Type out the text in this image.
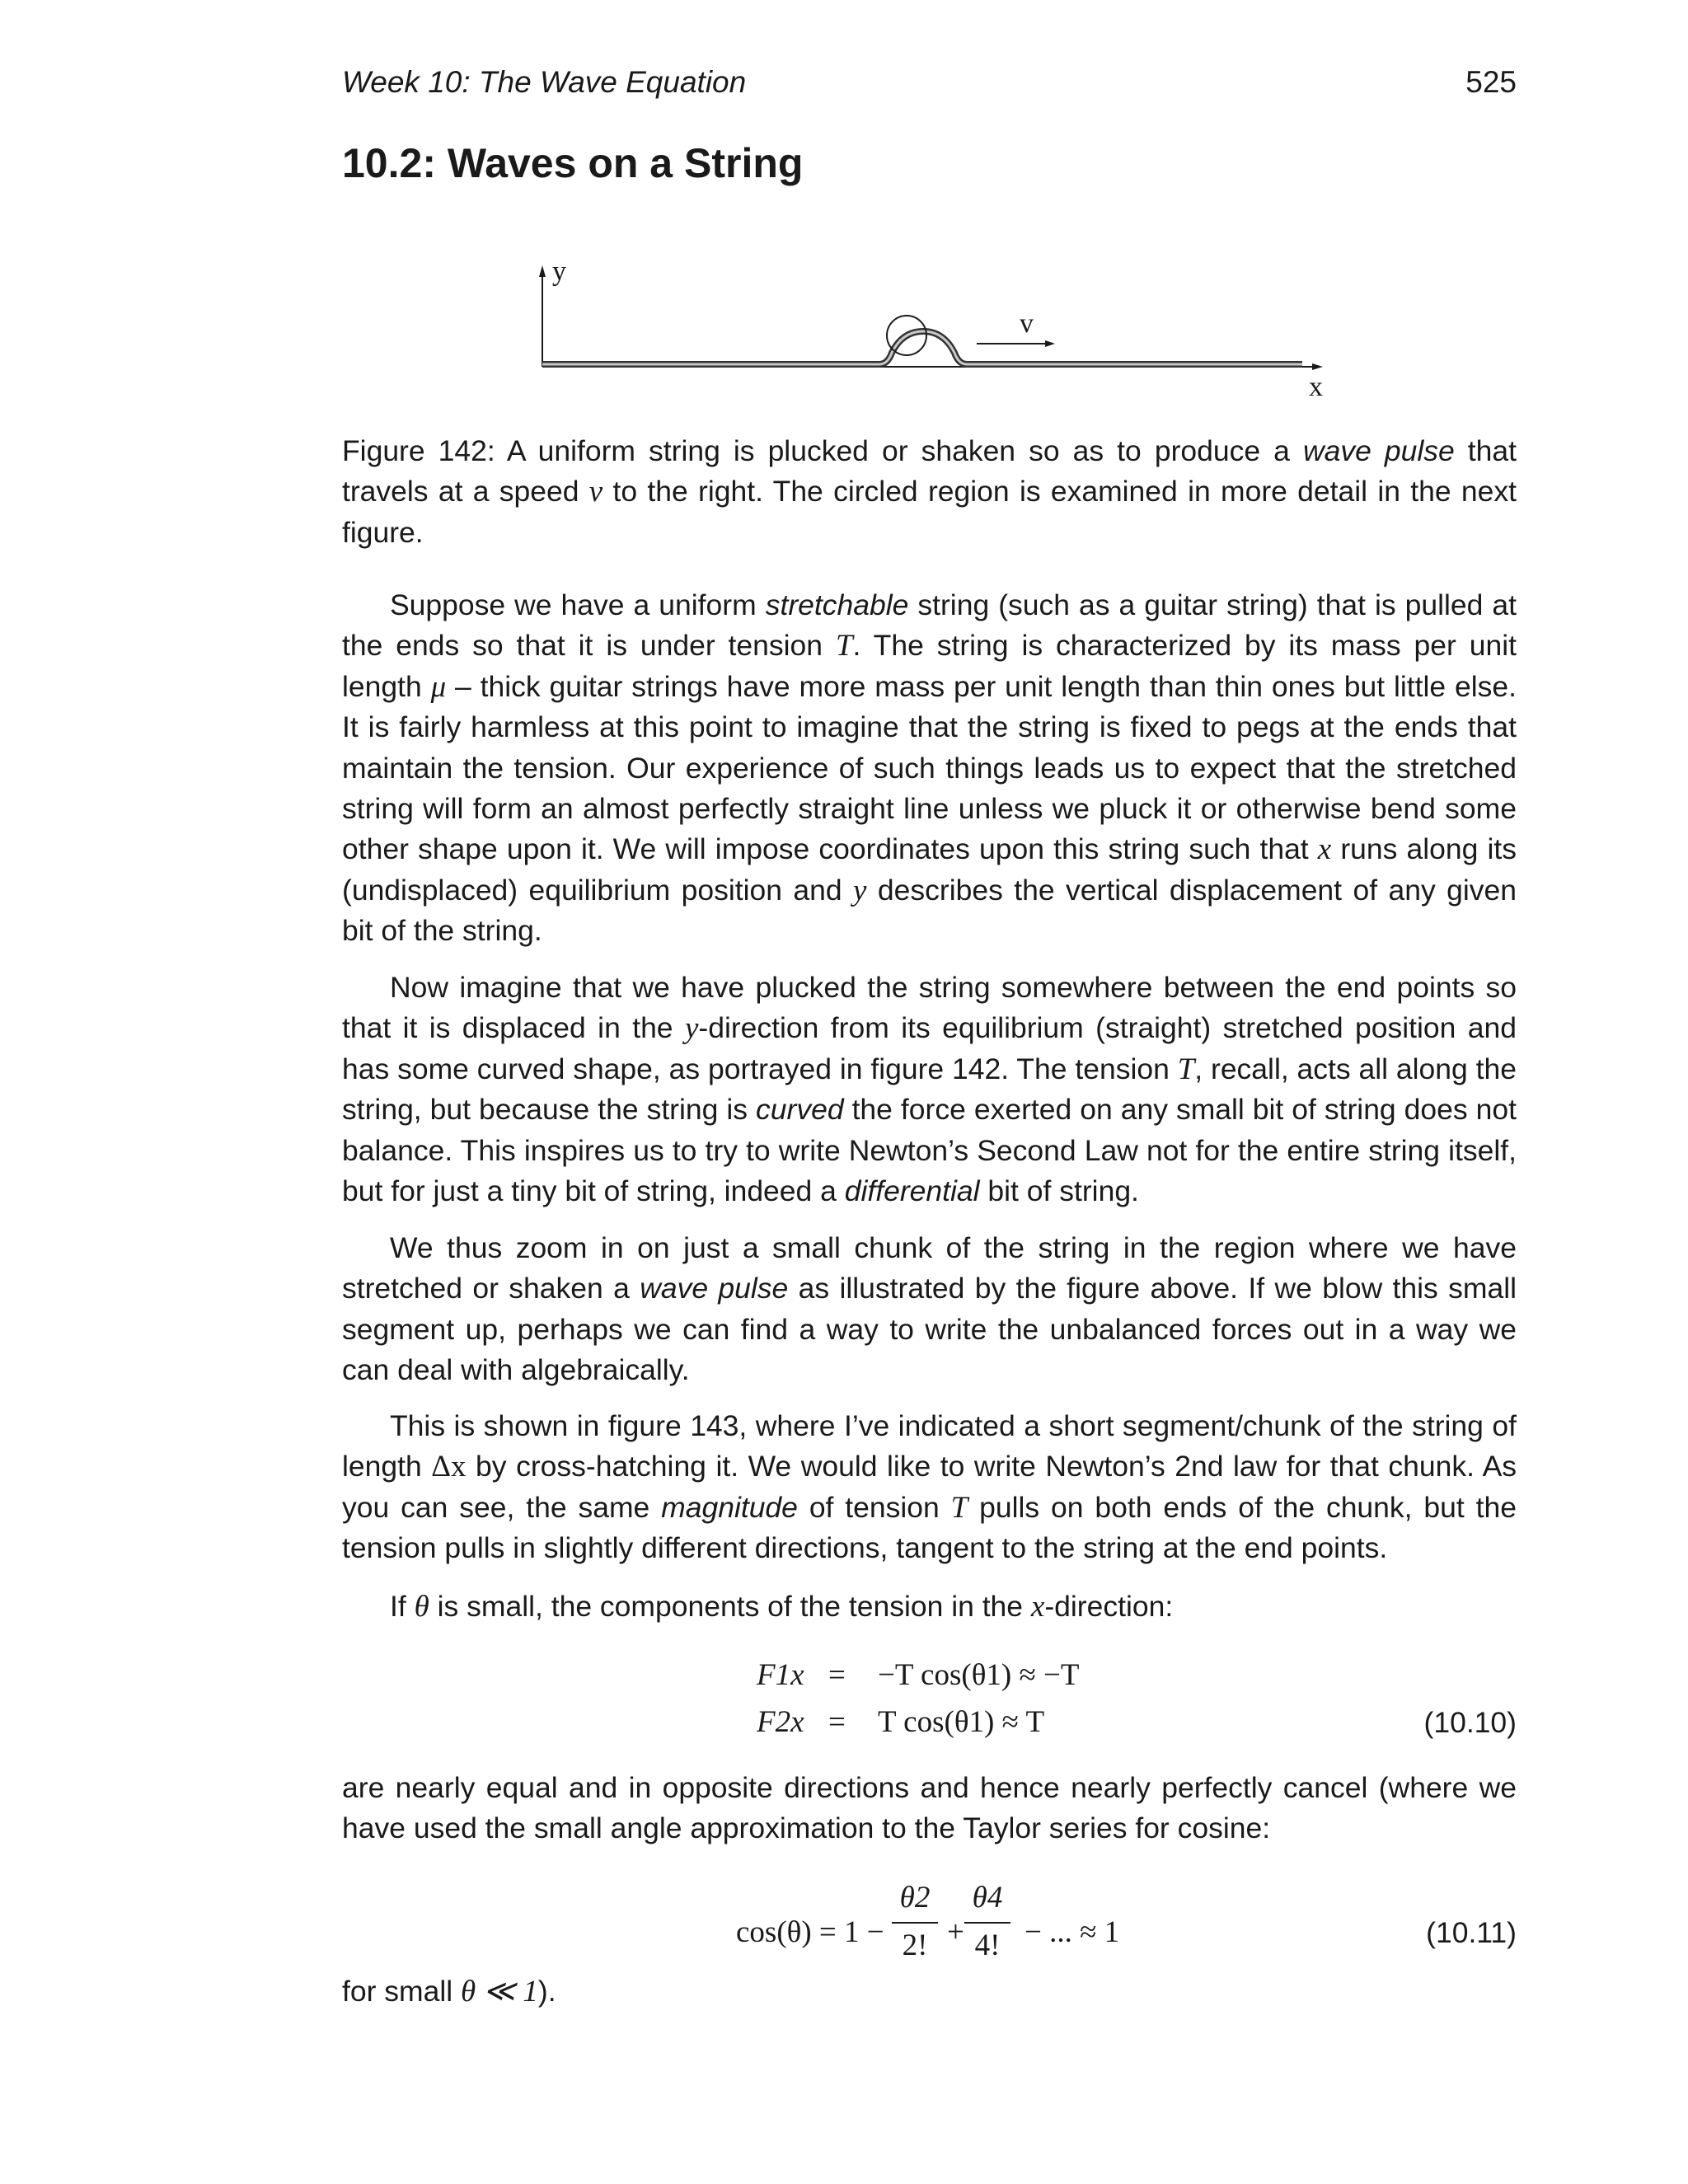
Week 10: The Wave Equation	525
10.2: Waves on a String
y
x
v

Figure 142: A uniform string is plucked or shaken so as to produce a wave pulse that travels at a speed v to the right. The circled region is examined in more detail in the next figure.

Suppose we have a uniform stretchable string (such as a guitar string) that is pulled at the ends so that it is under tension T. The string is characterized by its mass per unit length μ – thick guitar strings have more mass per unit length than thin ones but little else. It is fairly harmless at this point to imagine that the string is fixed to pegs at the ends that maintain the tension. Our experience of such things leads us to expect that the stretched string will form an almost perfectly straight line unless we pluck it or otherwise bend some other shape upon it. We will impose coordinates upon this string such that x runs along its (undisplaced) equilibrium position and y describes the vertical displacement of any given bit of the string.

Now imagine that we have plucked the string somewhere between the end points so that it is displaced in the y-direction from its equilibrium (straight) stretched position and has some curved shape, as portrayed in figure 142. The tension T, recall, acts all along the string, but because the string is curved the force exerted on any small bit of string does not balance. This inspires us to try to write Newton’s Second Law not for the entire string itself, but for just a tiny bit of string, indeed a differential bit of string.

We thus zoom in on just a small chunk of the string in the region where we have stretched or shaken a wave pulse as illustrated by the figure above. If we blow this small segment up, perhaps we can find a way to write the unbalanced forces out in a way we can deal with algebraically.

This is shown in figure 143, where I’ve indicated a short segment/chunk of the string of length Δx by cross-hatching it. We would like to write Newton’s 2nd law for that chunk. As you can see, the same magnitude of tension T pulls on both ends of the chunk, but the tension pulls in slightly different directions, tangent to the string at the end points.

If θ is small, the components of the tension in the x-direction:

F1x = −T cos(θ1) ≈ −T
F2x = T cos(θ1) ≈ T	(10.10)

are nearly equal and in opposite directions and hence nearly perfectly cancel (where we have used the small angle approximation to the Taylor series for cosine:

cos(θ) = 1 −
θ2
2! +
θ4
4! − ... ≈ 1	(10.11)

for small θ ≪ 1).
